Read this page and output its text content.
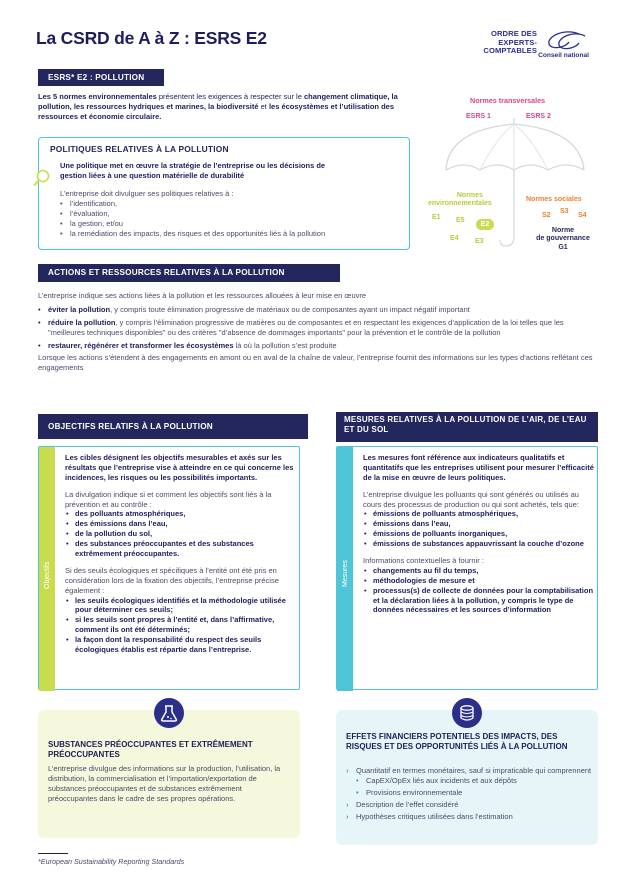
La CSRD de A à Z : ESRS E2	ORDRE DES
EXPERTS-COMPTABLES
Conseil national
ESRS* E2 : POLLUTION
Les 5 normes environnementales présentent les exigences à respecter sur le changement climatique, la pollution, les ressources hydriques et marines, la biodiversité et les écosystèmes et l’utilisation des ressources et économie circulaire.
Normes transversales
ESRS 1	ESRS 2
Normes
environnementales
E1 E5
E2
E4 E3
Normes sociales
S2
S3
S4
Norme
de gouvernance
G1
POLITIQUES RELATIVES À LA POLLUTION
Une politique met en œuvre la stratégie de l’entreprise ou les décisions de gestion liées à une question matérielle de durabilité
L’entreprise doit divulguer ses politiques relatives à :
• l’identification,
• l’évaluation,
• la gestion, et/ou
• la remédiation des impacts, des risques et des opportunités liés à la pollution
ACTIONS ET RESSOURCES RELATIVES À LA POLLUTION

L’entreprise indique ses actions liées à la pollution et les ressources allouées à leur mise en œuvre

• éviter la pollution, y compris toute élimination progressive de matériaux ou de composantes ayant un impact négatif important
• réduire la pollution, y compris l’élimination progressive de matières ou de composantes et en respectant les exigences d’application de la loi telles que les "meilleures techniques disponibles" ou des critères "d’absence de dommages importants" pour la prévention et le contrôle de la pollution
• restaurer, régénérer et transformer les écosystèmes là où la pollution s’est produite

Lorsque les actions s’étendent à des engagements en amont ou en aval de la chaîne de valeur, l’entreprise fournit des informations sur les types d’actions reflétant ces engagements

OBJECTIFS RELATIFS À LA POLLUTION
Objectifs
Les cibles désignent les objectifs mesurables et axés sur les résultats que l’entreprise vise à atteindre en ce qui concerne les incidences, les risques ou les possibilités importants.
La divulgation indique si et comment les objectifs sont liés à la prévention et au contrôle :
• des polluants atmosphériques,
• des émissions dans l’eau,
• de la pollution du sol,
• des substances préoccupantes et des substances extrêmement préoccupantes.
Si des seuils écologiques et spécifiques à l’entité ont été pris en considération lors de la fixation des objectifs, l’entreprise précise également :
• les seuils écologiques identifiés et la méthodologie utilisée pour déterminer ces seuils;
• si les seuils sont propres à l’entité et, dans l’affirmative, comment ils ont été déterminés;
• la façon dont la responsabilité du respect des seuils écologiques établis est répartie dans l’entreprise.
MESURES RELATIVES À LA POLLUTION DE L’AIR, DE L’EAU ET DU SOL
Mesures
Les mesures font référence aux indicateurs qualitatifs et quantitatifs que les entreprises utilisent pour mesurer l’efficacité de la mise en œuvre de leurs politiques.
L’entreprise divulgue les polluants qui sont générés ou utilisés au cours des processus de production ou qui sont achetés, tels que:
• émissions de polluants atmosphériques,
• émissions dans l’eau,
• émissions de polluants inorganiques,
• émissions de substances appauvrissant la couche d’ozone
Informations contextuelles à fournir :
• changements au fil du temps,
• méthodologies de mesure et
• processus(s) de collecte de données pour la comptabilisation et la déclaration liées à la pollution, y compris le type de données nécessaires et les sources d’information
SUBSTANCES PRÉOCCUPANTES ET EXTRÊMEMENT PRÉOCCUPANTES
L’entreprise divulgue des informations sur la production, l’utilisation, la distribution, la commercialisation et l’importation/exportation de substances préoccupantes et de substances extrêmement préoccupantes dans le cadre de ses propres opérations.
EFFETS FINANCIERS POTENTIELS DES IMPACTS, DES RISQUES ET DES OPPORTUNITÉS LIÉS À LA POLLUTION
› Quantitatif en termes monétaires, sauf si impraticable qui comprennent
• CapEX/OpEx liés aux incidents et aux dépôts
• Provisions environnementale
› Description de l’effet considéré
› Hypothèses critiques utilisées dans l’estimation
*European Sustainability Reporting Standards
